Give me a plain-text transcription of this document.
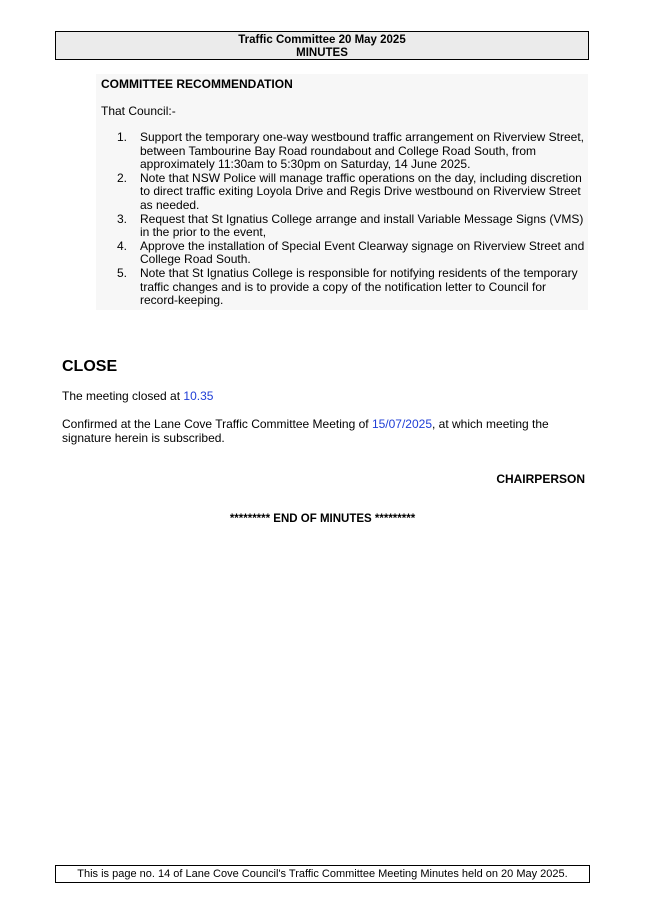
Traffic Committee 20 May 2025
MINUTES
COMMITTEE RECOMMENDATION
That Council:-
1.	Support the temporary one-way westbound traffic arrangement on Riverview Street, between Tambourine Bay Road roundabout and College Road South, from approximately 11:30am to 5:30pm on Saturday, 14 June 2025.
2.	Note that NSW Police will manage traffic operations on the day, including discretion to direct traffic exiting Loyola Drive and Regis Drive westbound on Riverview Street as needed.
3.	Request that St Ignatius College arrange and install Variable Message Signs (VMS) in the prior to the event,
4.	Approve the installation of Special Event Clearway signage on Riverview Street and College Road South.
5.	Note that St Ignatius College is responsible for notifying residents of the temporary traffic changes and is to provide a copy of the notification letter to Council for record-keeping.
CLOSE
The meeting closed at 10.35
Confirmed at the Lane Cove Traffic Committee Meeting of 15/07/2025, at which meeting the signature herein is subscribed.
CHAIRPERSON
********* END OF MINUTES *********
This is page no. 14 of Lane Cove Council's Traffic Committee Meeting Minutes held on 20 May 2025.
